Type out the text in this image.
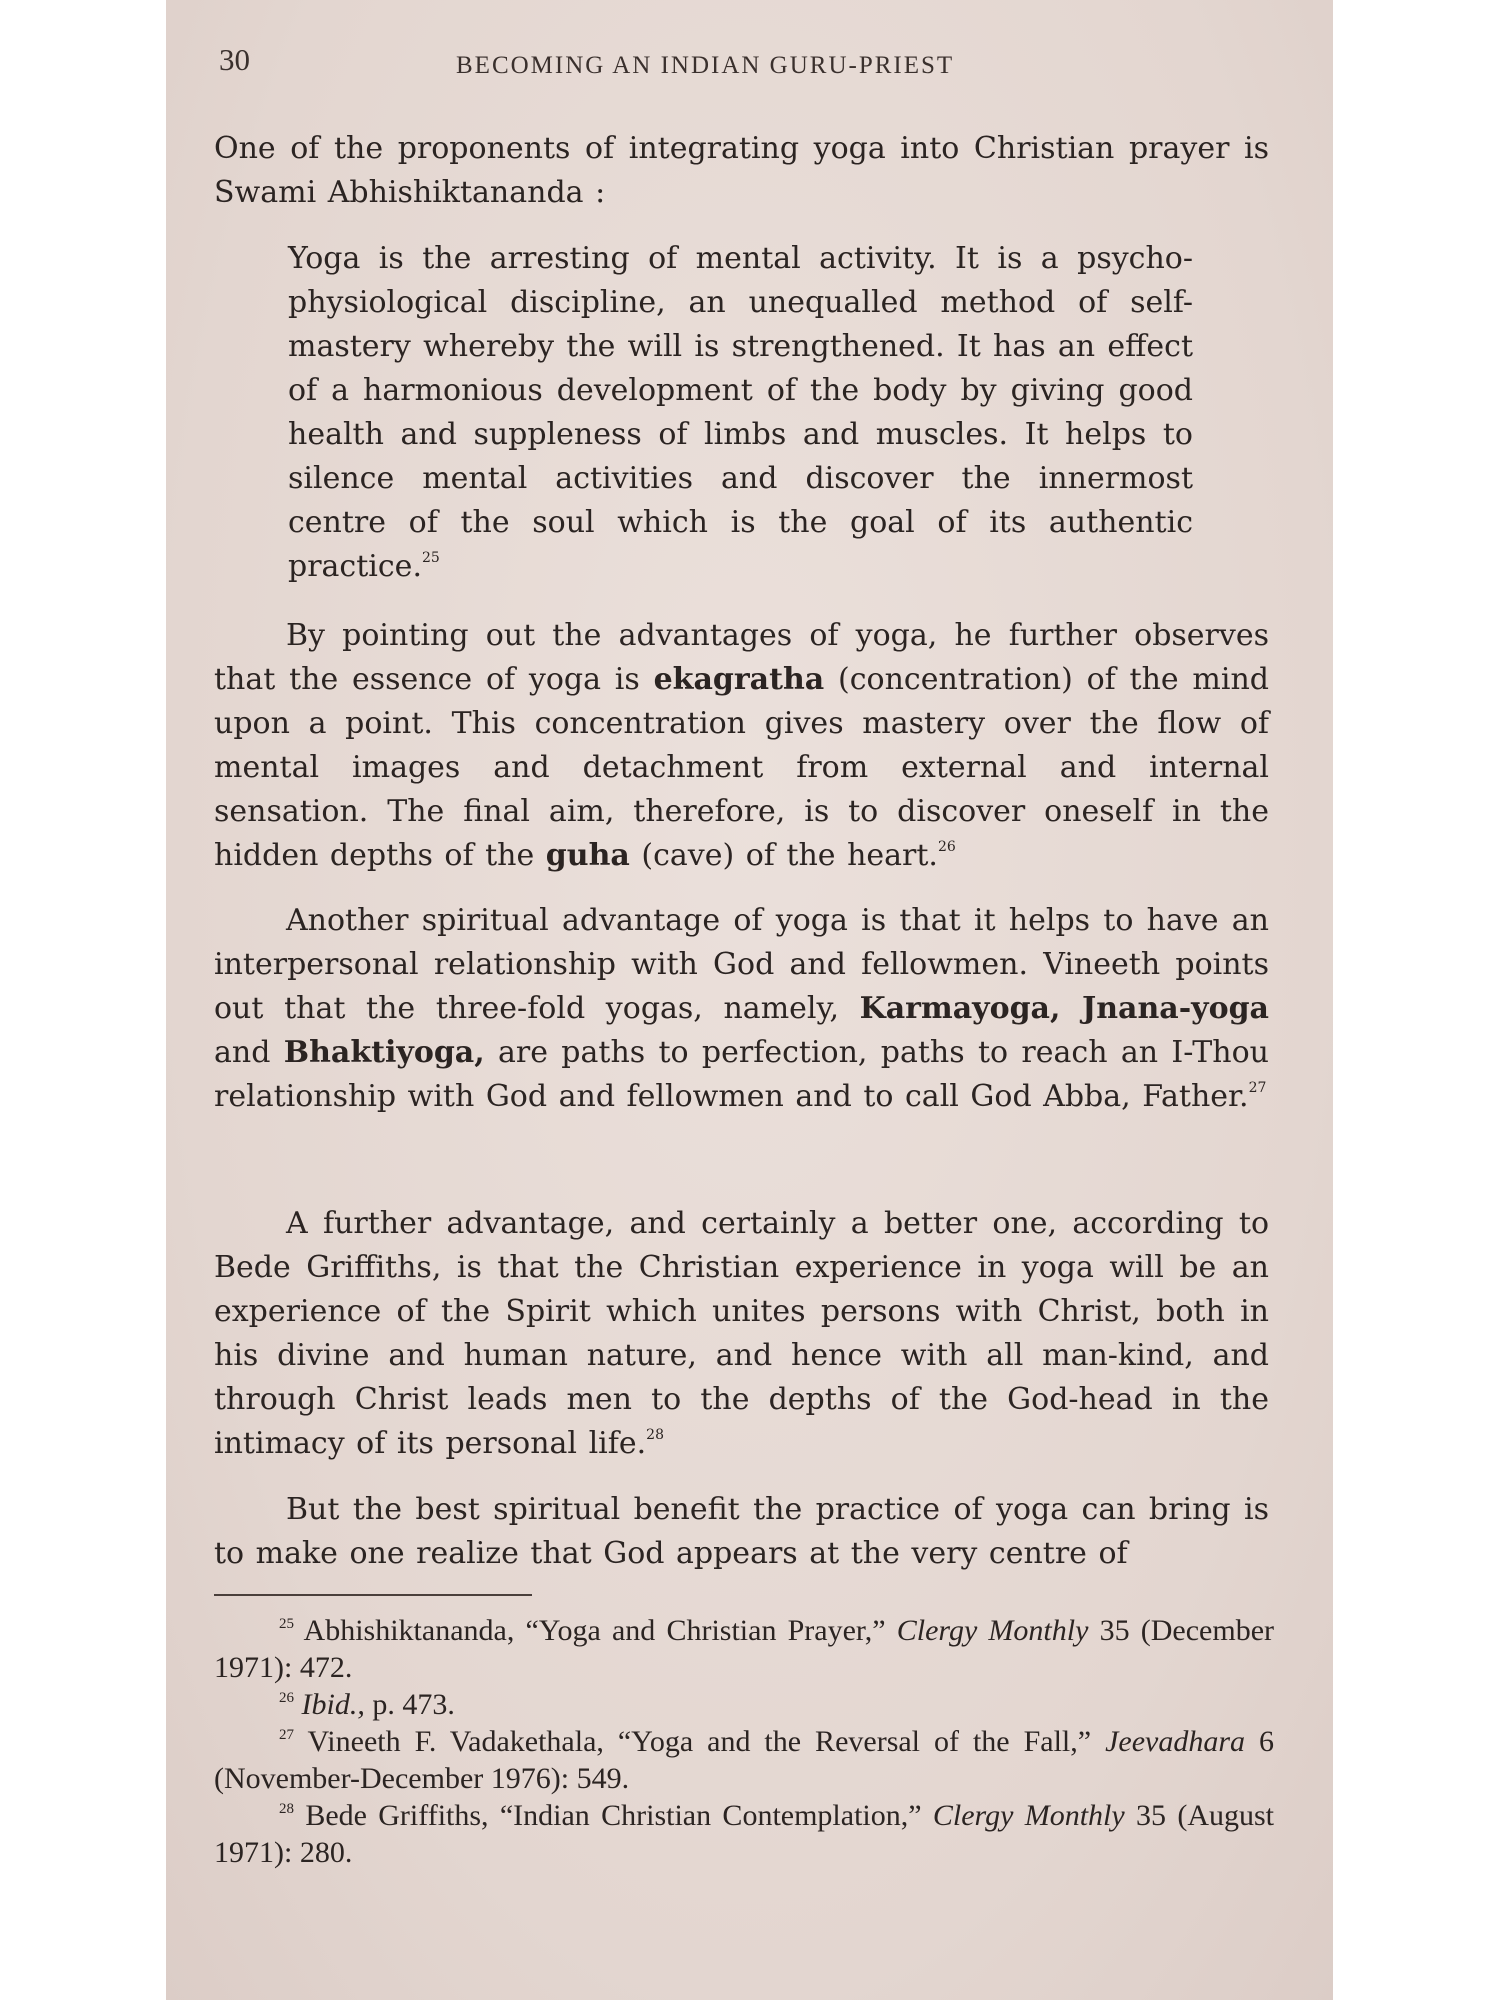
30	BECOMING AN INDIAN GURU-PRIEST

One of the proponents of integrating yoga into Christian prayer is Swami Abhishiktananda :

Yoga is the arresting of mental activity. It is a psycho-physiological discipline, an unequalled method of self-mastery whereby the will is strengthened. It has an effect of a harmonious development of the body by giving good health and suppleness of limbs and muscles. It helps to silence mental activities and discover the innermost centre of the soul which is the goal of its authentic practice.$^{25}$

By pointing out the advantages of yoga, he further observes that the essence of yoga is ekagratha (concentration) of the mind upon a point. This concentration gives mastery over the flow of mental images and detachment from external and internal sensation. The final aim, therefore, is to discover oneself in the hidden depths of the guha (cave) of the heart.$^{26}$

Another spiritual advantage of yoga is that it helps to have an interpersonal relationship with God and fellowmen. Vineeth points out that the three-fold yogas, namely, Karmayoga, Jnana-yoga and Bhaktiyoga, are paths to perfection, paths to reach an I-Thou relationship with God and fellowmen and to call God Abba, Father.$^{27}$

A further advantage, and certainly a better one, according to Bede Griffiths, is that the Christian experience in yoga will be an experience of the Spirit which unites persons with Christ, both in his divine and human nature, and hence with all man-kind, and through Christ leads men to the depths of the God-head in the intimacy of its personal life.$^{28}$

But the best spiritual benefit the practice of yoga can bring is to make one realize that God appears at the very centre of

$^{25}$ Abhishiktananda, “Yoga and Christian Prayer,” Clergy Monthly 35 (December 1971): 472.

$^{26}$ Ibid., p. 473.

$^{27}$ Vineeth F. Vadakethala, “Yoga and the Reversal of the Fall,” Jeevadhara 6 (November-December 1976): 549.

$^{28}$ Bede Griffiths, “Indian Christian Contemplation,” Clergy Monthly 35 (August 1971): 280.
